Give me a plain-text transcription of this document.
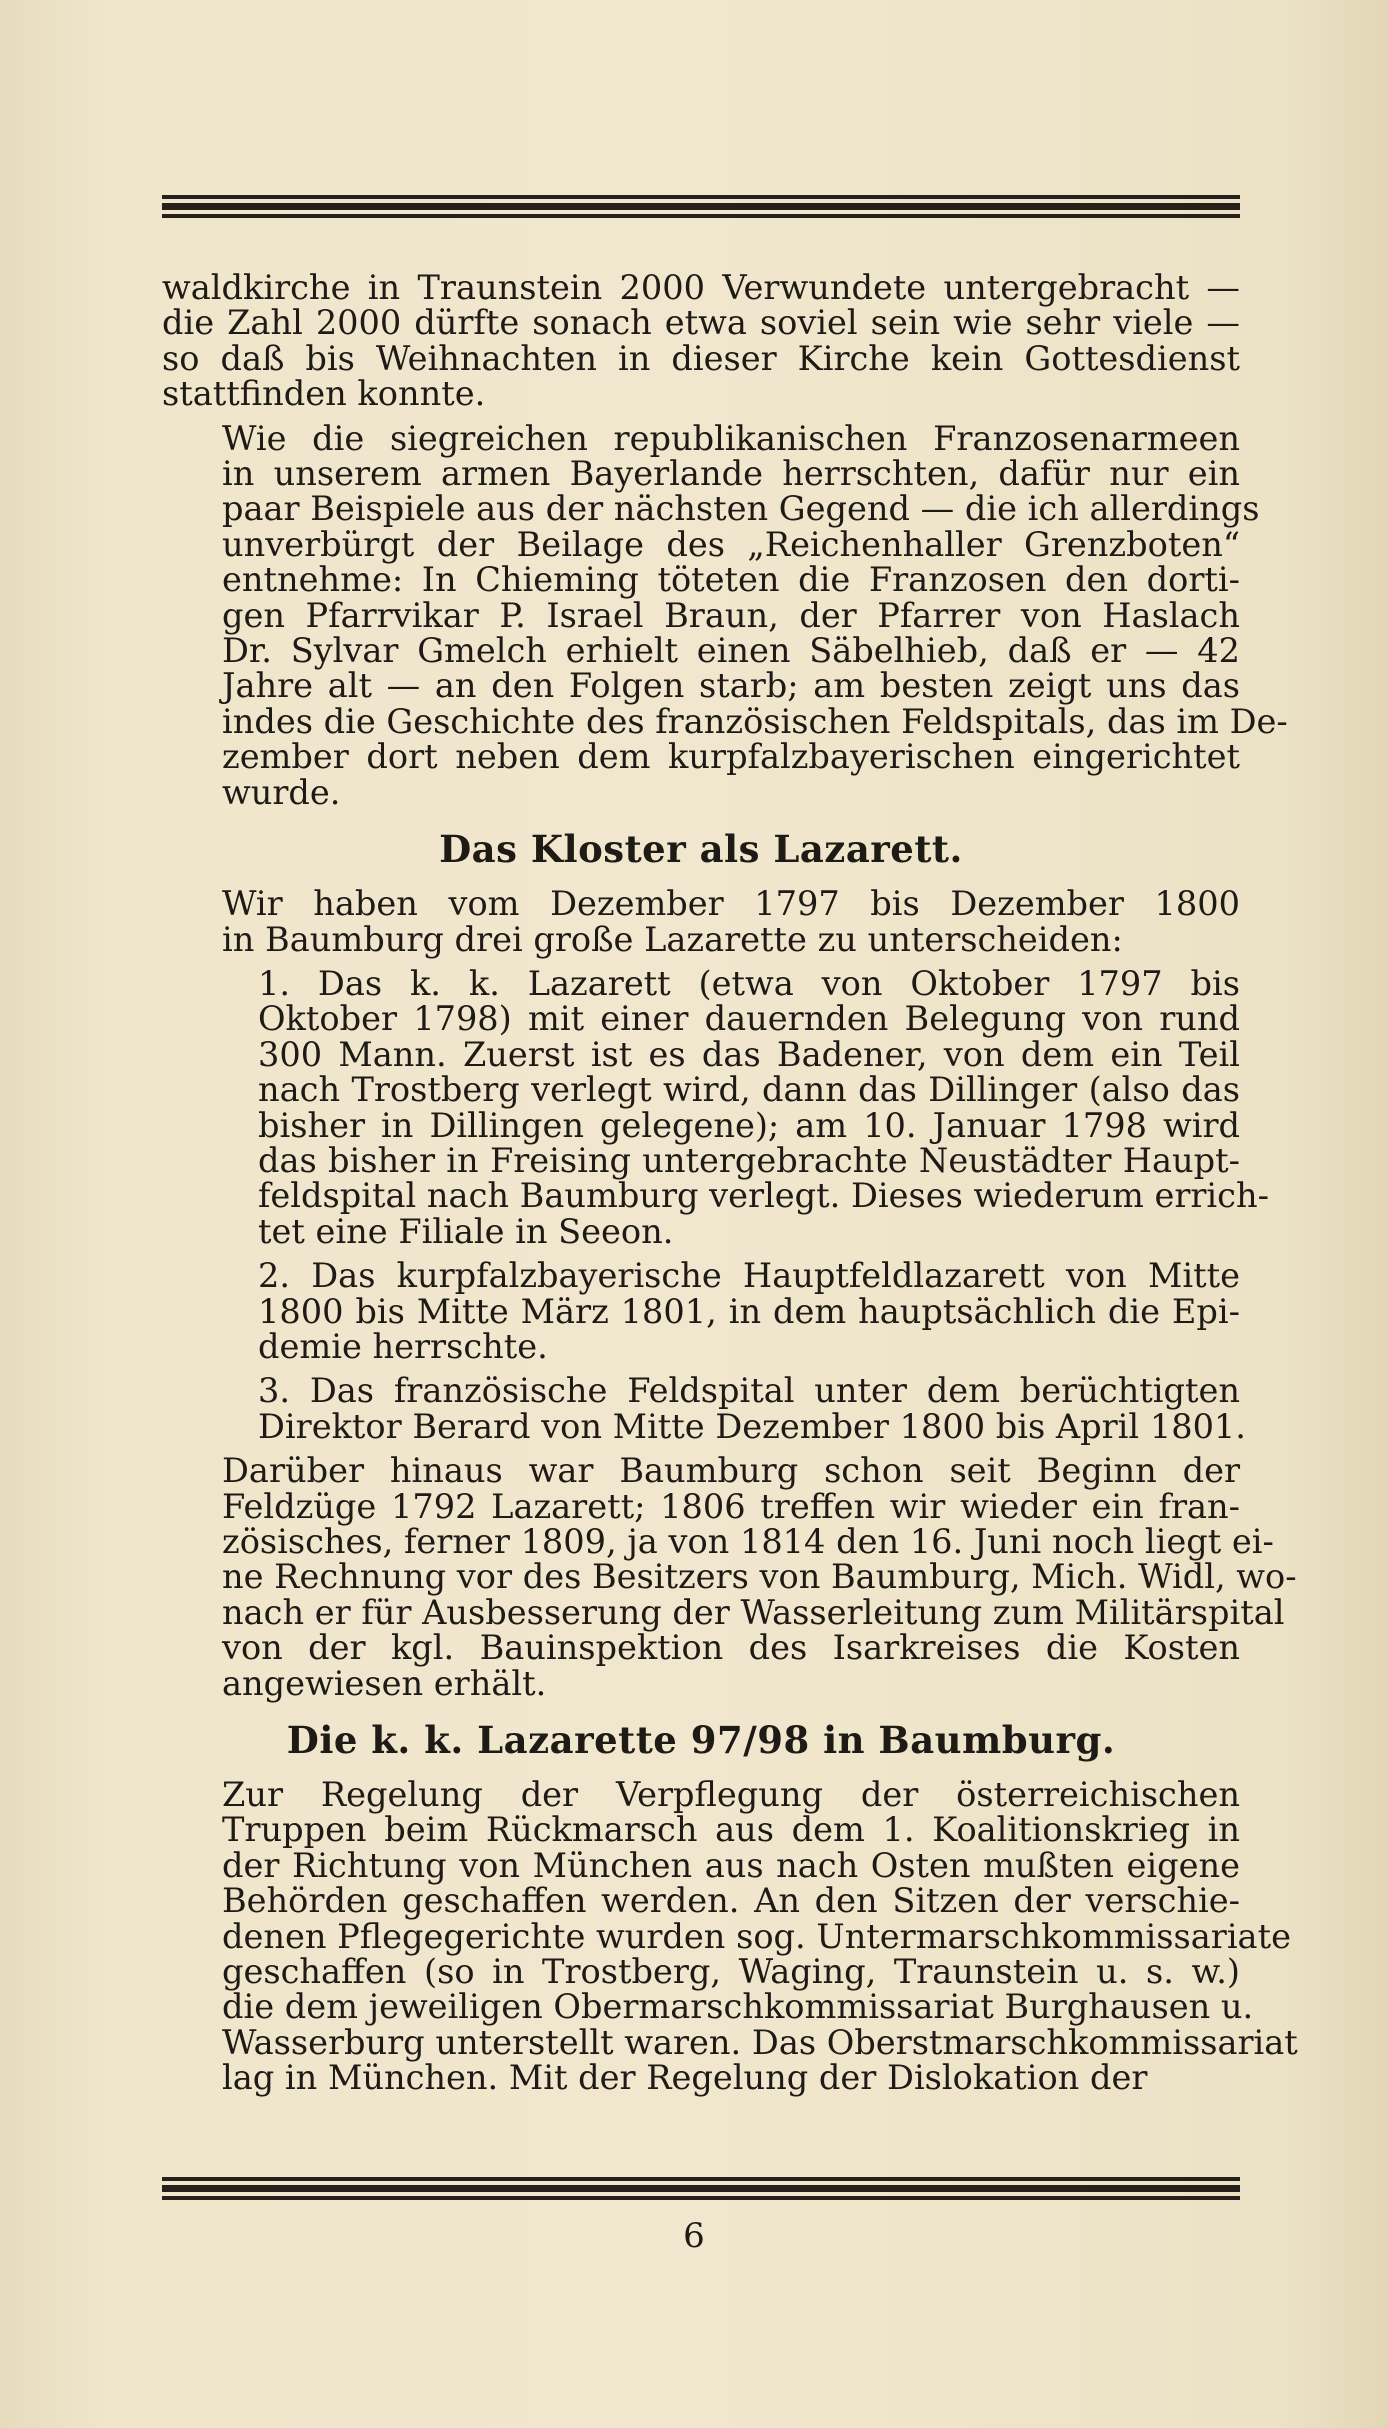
waldkirche in Traunstein 2000 Verwundete untergebracht —
die Zahl 2000 dürfte sonach etwa soviel sein wie sehr viele —
so daß bis Weihnachten in dieser Kirche kein Gottesdienst
stattfinden konnte.
Wie die siegreichen republikanischen Franzosenarmeen
in unserem armen Bayerlande herrschten, dafür nur ein
paar Beispiele aus der nächsten Gegend — die ich allerdings
unverbürgt der Beilage des „Reichenhaller Grenzboten“
entnehme: In Chieming töteten die Franzosen den dorti-
gen Pfarrvikar P. Israel Braun, der Pfarrer von Haslach
Dr. Sylvar Gmelch erhielt einen Säbelhieb, daß er — 42
Jahre alt — an den Folgen starb; am besten zeigt uns das
indes die Geschichte des französischen Feldspitals, das im De-
zember dort neben dem kurpfalzbayerischen eingerichtet
wurde.
Das Kloster als Lazarett.
Wir haben vom Dezember 1797 bis Dezember 1800
in Baumburg drei große Lazarette zu unterscheiden:
1. Das k. k. Lazarett (etwa von Oktober 1797 bis
Oktober 1798) mit einer dauernden Belegung von rund
300 Mann. Zuerst ist es das Badener, von dem ein Teil
nach Trostberg verlegt wird, dann das Dillinger (also das
bisher in Dillingen gelegene); am 10. Januar 1798 wird
das bisher in Freising untergebrachte Neustädter Haupt-
feldspital nach Baumburg verlegt. Dieses wiederum errich-
tet eine Filiale in Seeon.
2. Das kurpfalzbayerische Hauptfeldlazarett von Mitte
1800 bis Mitte März 1801, in dem hauptsächlich die Epi-
demie herrschte.
3. Das französische Feldspital unter dem berüchtigten
Direktor Berard von Mitte Dezember 1800 bis April 1801.
Darüber hinaus war Baumburg schon seit Beginn der
Feldzüge 1792 Lazarett; 1806 treffen wir wieder ein fran-
zösisches, ferner 1809, ja von 1814 den 16. Juni noch liegt ei-
ne Rechnung vor des Besitzers von Baumburg, Mich. Widl, wo-
nach er für Ausbesserung der Wasserleitung zum Militärspital
von der kgl. Bauinspektion des Isarkreises die Kosten
angewiesen erhält.
Die k. k. Lazarette 97/98 in Baumburg.
Zur Regelung der Verpflegung der österreichischen
Truppen beim Rückmarsch aus dem 1. Koalitionskrieg in
der Richtung von München aus nach Osten mußten eigene
Behörden geschaffen werden. An den Sitzen der verschie-
denen Pflegegerichte wurden sog. Untermarschkommissariate
geschaffen (so in Trostberg, Waging, Traunstein u. s. w.)
die dem jeweiligen Obermarschkommissariat Burghausen u.
Wasserburg unterstellt waren. Das Oberstmarschkommissariat
lag in München. Mit der Regelung der Dislokation der
6
